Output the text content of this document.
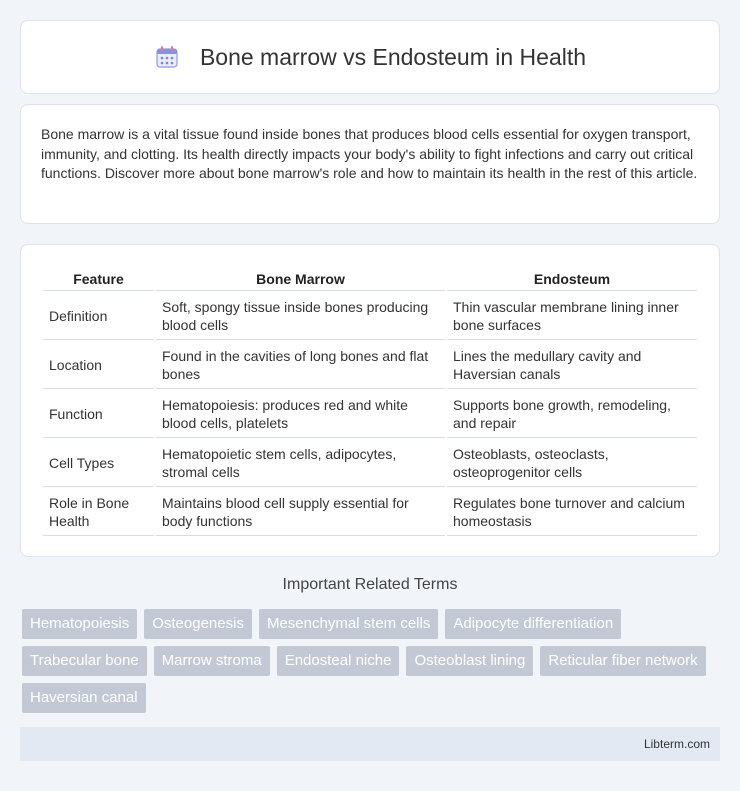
Bone marrow vs Endosteum in Health

Bone marrow is a vital tissue found inside bones that produces blood cells essential for oxygen transport, immunity, and clotting. Its health directly impacts your body's ability to fight infections and carry out critical functions. Discover more about bone marrow's role and how to maintain its health in the rest of this article.

Feature	Bone Marrow	Endosteum
Definition	Soft, spongy tissue inside bones producing blood cells	Thin vascular membrane lining inner bone surfaces
Location	Found in the cavities of long bones and flat bones	Lines the medullary cavity and Haversian canals
Function	Hematopoiesis: produces red and white blood cells, platelets	Supports bone growth, remodeling, and repair
Cell Types	Hematopoietic stem cells, adipocytes, stromal cells	Osteoblasts, osteoclasts, osteoprogenitor cells
Role in Bone Health	Maintains blood cell supply essential for body functions	Regulates bone turnover and calcium homeostasis
Important Related Terms
Hematopoiesis	Osteogenesis	Mesenchymal stem cells	Adipocyte differentiation
Trabecular bone	Marrow stroma	Endosteal niche	Osteoblast lining	Reticular fiber network
Haversian canal
Libterm.com
